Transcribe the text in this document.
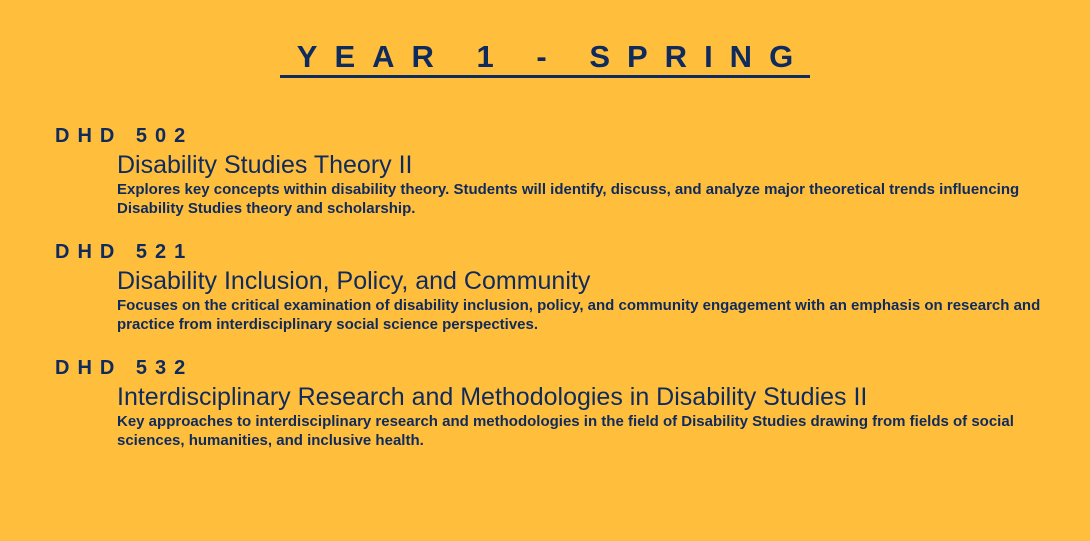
YEAR 1 - SPRING
DHD 502
Disability Studies Theory II
Explores key concepts within disability theory. Students will identify, discuss, and analyze major theoretical trends influencing Disability Studies theory and scholarship.
DHD 521
Disability Inclusion, Policy, and Community
Focuses on the critical examination of disability inclusion, policy, and community engagement with an emphasis on research and practice from interdisciplinary social science perspectives.
DHD 532
Interdisciplinary Research and Methodologies in Disability Studies II
Key approaches to interdisciplinary research and methodologies in the field of Disability Studies drawing from fields of social sciences, humanities, and inclusive health.
